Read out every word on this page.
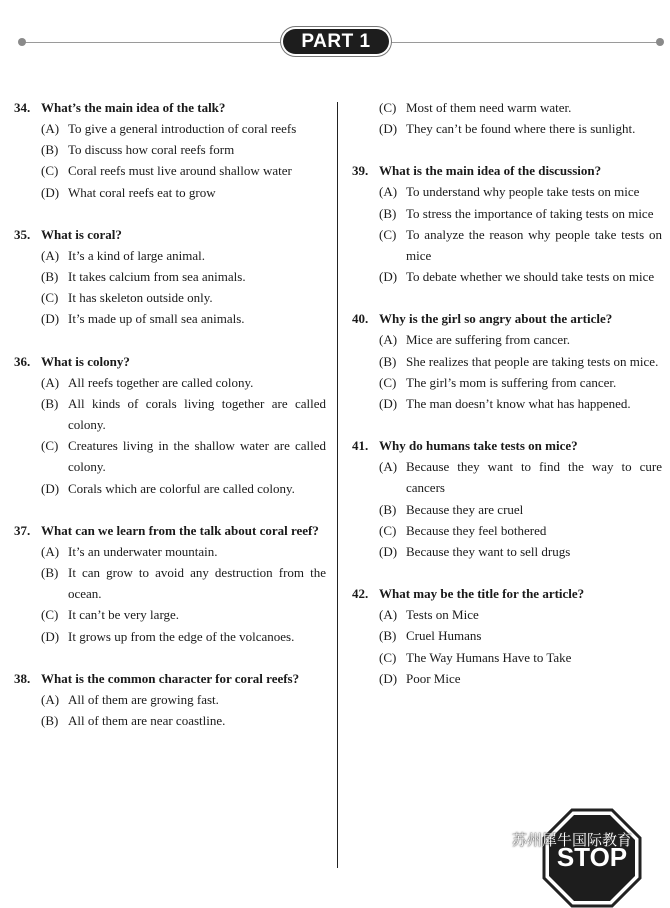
PART 1
34. What’s the main idea of the talk?
(A) To give a general introduction of coral reefs
(B) To discuss how coral reefs form
(C) Coral reefs must live around shallow water
(D) What coral reefs eat to grow
35. What is coral?
(A) It’s a kind of large animal.
(B) It takes calcium from sea animals.
(C) It has skeleton outside only.
(D) It’s made up of small sea animals.
36. What is colony?
(A) All reefs together are called colony.
(B) All kinds of corals living together are called colony.
(C) Creatures living in the shallow water are called colony.
(D) Corals which are colorful are called colony.
37. What can we learn from the talk about coral reef?
(A) It’s an underwater mountain.
(B) It can grow to avoid any destruction from the ocean.
(C) It can’t be very large.
(D) It grows up from the edge of the volcanoes.
38. What is the common character for coral reefs?
(A) All of them are growing fast.
(B) All of them are near coastline.
(C) Most of them need warm water.
(D) They can’t be found where there is sunlight.
39. What is the main idea of the discussion?
(A) To understand why people take tests on mice
(B) To stress the importance of taking tests on mice
(C) To analyze the reason why people take tests on mice
(D) To debate whether we should take tests on mice
40. Why is the girl so angry about the article?
(A) Mice are suffering from cancer.
(B) She realizes that people are taking tests on mice.
(C) The girl’s mom is suffering from cancer.
(D) The man doesn’t know what has happened.
41. Why do humans take tests on mice?
(A) Because they want to find the way to cure cancers
(B) Because they are cruel
(C) Because they feel bothered
(D) Because they want to sell drugs
42. What may be the title for the article?
(A) Tests on Mice
(B) Cruel Humans
(C) The Way Humans Have to Take
(D) Poor Mice
STOP
苏州犀牛国际教育
